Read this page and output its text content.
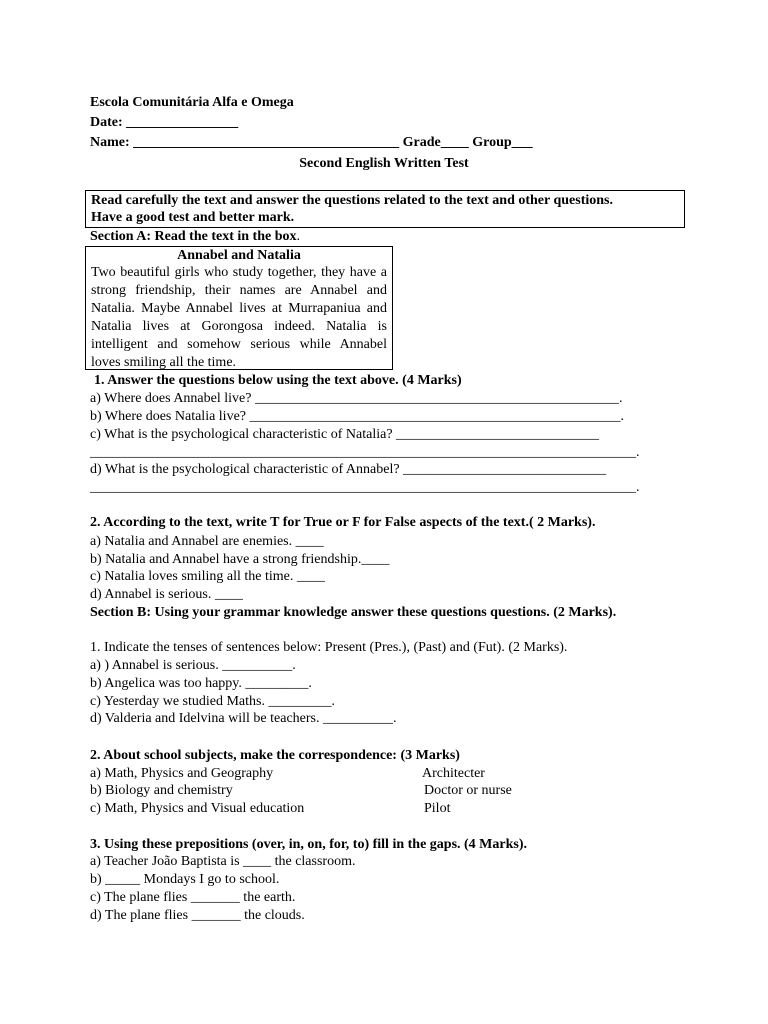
Escola Comunitária Alfa e Omega
Date: ________________
Name: ______________________________________ Grade____ Group___
Second English Written Test
Read carefully the text and answer the questions related to the text and other questions.
Have a good test and better mark.
Section A: Read the text in the box.
Annabel and Natalia
Two beautiful girls who study together, they have a strong friendship, their names are Annabel and Natalia. Maybe Annabel lives at Murrapaniua and Natalia lives at Gorongosa indeed. Natalia is intelligent and somehow serious while Annabel loves smiling all the time.
1. Answer the questions below using the text above. (4 Marks)
a) Where does Annabel live? ____________________________________________________.
b) Where does Natalia live? _____________________________________________________.
c) What is the psychological characteristic of Natalia? _____________________________
______________________________________________________________________________.
d) What is the psychological characteristic of Annabel? _____________________________
______________________________________________________________________________.
2. According to the text, write T for True or F for False aspects of the text.( 2 Marks).
a) Natalia and Annabel are enemies. ____
b) Natalia and Annabel have a strong friendship.____
c) Natalia loves smiling all the time. ____
d) Annabel is serious. ____
Section B: Using your grammar knowledge answer these questions questions. (2 Marks).
1. Indicate the tenses of sentences below: Present (Pres.), (Past) and (Fut). (2 Marks).
a) ) Annabel is serious. __________.
b) Angelica was too happy. _________.
c) Yesterday we studied Maths. _________.
d) Valderia and Idelvina will be teachers. __________.
2. About school subjects, make the correspondence: (3 Marks)
a) Math, Physics and Geography
b) Biology and chemistry
c) Math, Physics and Visual education
Architecter
Doctor or nurse
Pilot
3. Using these prepositions (over, in, on, for, to) fill in the gaps. (4 Marks).
a) Teacher João Baptista is ____ the classroom.
b) _____ Mondays I go to school.
c) The plane flies _______ the earth.
d) The plane flies _______ the clouds.
